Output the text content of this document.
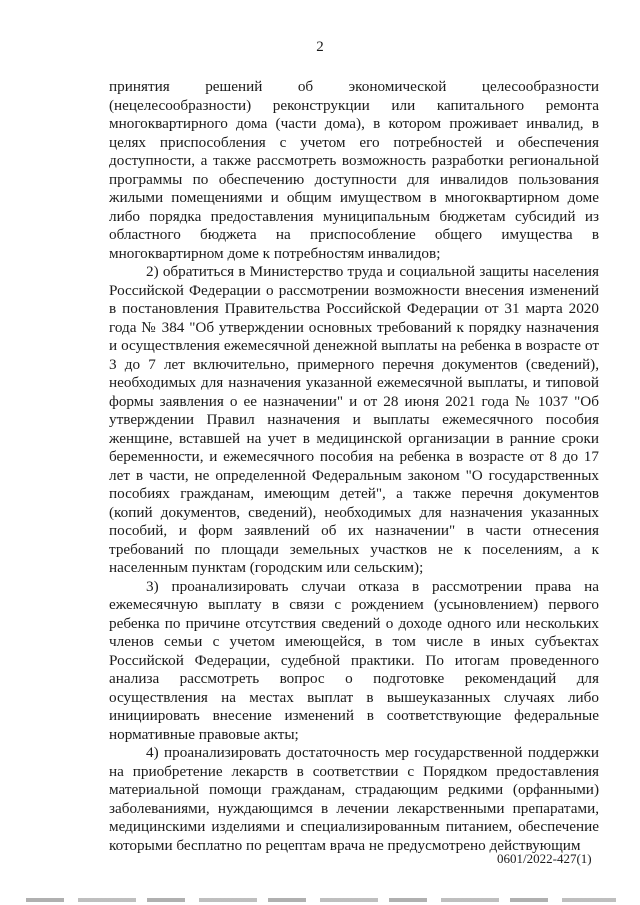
2

принятия решений об экономической целесообразности (нецелесообразности) реконструкции или капитального ремонта многоквартирного дома (части дома), в котором проживает инвалид, в целях приспособления с учетом его потребностей и обеспечения доступности, а также рассмотреть возможность разработки региональной программы по обеспечению доступности для инвалидов пользования жилыми помещениями и общим имуществом в многоквартирном доме либо порядка предоставления муниципальным бюджетам субсидий из областного бюджета на приспособление общего имущества в многоквартирном доме к потребностям инвалидов;

2) обратиться в Министерство труда и социальной защиты населения Российской Федерации о рассмотрении возможности внесения изменений в постановления Правительства Российской Федерации от 31 марта 2020 года № 384 "Об утверждении основных требований к порядку назначения и осуществления ежемесячной денежной выплаты на ребенка в возрасте от 3 до 7 лет включительно, примерного перечня документов (сведений), необходимых для назначения указанной ежемесячной выплаты, и типовой формы заявления о ее назначении" и от 28 июня 2021 года № 1037 "Об утверждении Правил назначения и выплаты ежемесячного пособия женщине, вставшей на учет в медицинской организации в ранние сроки беременности, и ежемесячного пособия на ребенка в возрасте от 8 до 17 лет в части, не определенной Федеральным законом "О государственных пособиях гражданам, имеющим детей", а также перечня документов (копий документов, сведений), необходимых для назначения указанных пособий, и форм заявлений об их назначении" в части отнесения требований по площади земельных участков не к поселениям, а к населенным пунктам (городским или сельским);

3) проанализировать случаи отказа в рассмотрении права на ежемесячную выплату в связи с рождением (усыновлением) первого ребенка по причине отсутствия сведений о доходе одного или нескольких членов семьи с учетом имеющейся, в том числе в иных субъектах Российской Федерации, судебной практики. По итогам проведенного анализа рассмотреть вопрос о подготовке рекомендаций для осуществления на местах выплат в вышеуказанных случаях либо инициировать внесение изменений в соответствующие федеральные нормативные правовые акты;

4) проанализировать достаточность мер государственной поддержки на приобретение лекарств в соответствии с Порядком предоставления материальной помощи гражданам, страдающим редкими (орфанными) заболеваниями, нуждающимся в лечении лекарственными препаратами, медицинскими изделиями и специализированным питанием, обеспечение которыми бесплатно по рецептам врача не предусмотрено действующим

0601/2022-427(1)
